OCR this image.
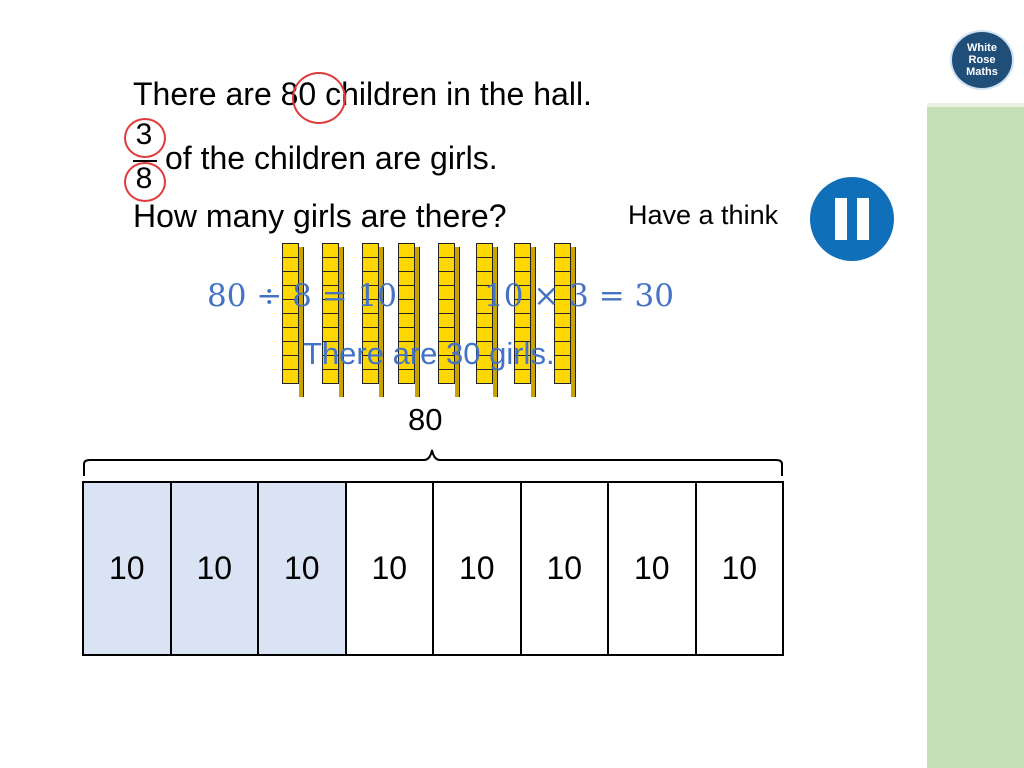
White
Rose
Maths
There are 80 children in the hall.
3
8
of the children are girls.
How many girls are there?	Have a think
80 ÷ 8 = 10	10 × 3 = 30
There are 30 girls.
80
10	10	10	10	10	10	10	10
